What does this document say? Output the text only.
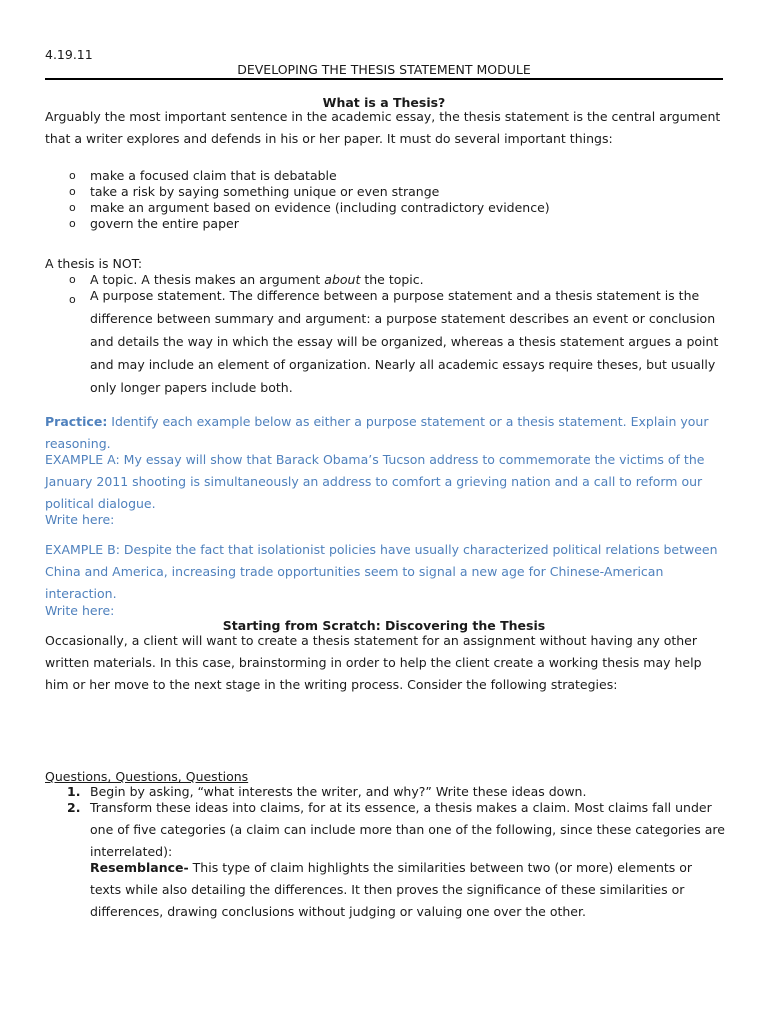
4.19.11
DEVELOPING THE THESIS STATEMENT MODULE
What is a Thesis?
Arguably the most important sentence in the academic essay, the thesis statement is the central argument that a writer explores and defends in his or her paper. It must do several important things:
o make a focused claim that is debatable
o take a risk by saying something unique or even strange
o make an argument based on evidence (including contradictory evidence)
o govern the entire paper
A thesis is NOT:
o A topic. A thesis makes an argument about the topic.
o A purpose statement. The difference between a purpose statement and a thesis statement is the difference between summary and argument: a purpose statement describes an event or conclusion and details the way in which the essay will be organized, whereas a thesis statement argues a point and may include an element of organization. Nearly all academic essays require theses, but usually only longer papers include both.
Practice: Identify each example below as either a purpose statement or a thesis statement. Explain your reasoning.
EXAMPLE A: My essay will show that Barack Obama’s Tucson address to commemorate the victims of the January 2011 shooting is simultaneously an address to comfort a grieving nation and a call to reform our political dialogue.
Write here:
EXAMPLE B: Despite the fact that isolationist policies have usually characterized political relations between China and America, increasing trade opportunities seem to signal a new age for Chinese-American interaction.
Write here:
Starting from Scratch: Discovering the Thesis
Occasionally, a client will want to create a thesis statement for an assignment without having any other written materials. In this case, brainstorming in order to help the client create a working thesis may help him or her move to the next stage in the writing process. Consider the following strategies:
Questions, Questions, Questions
1. Begin by asking, “what interests the writer, and why?” Write these ideas down.
2. Transform these ideas into claims, for at its essence, a thesis makes a claim. Most claims fall under one of five categories (a claim can include more than one of the following, since these categories are interrelated):
Resemblance- This type of claim highlights the similarities between two (or more) elements or texts while also detailing the differences. It then proves the significance of these similarities or differences, drawing conclusions without judging or valuing one over the other.
